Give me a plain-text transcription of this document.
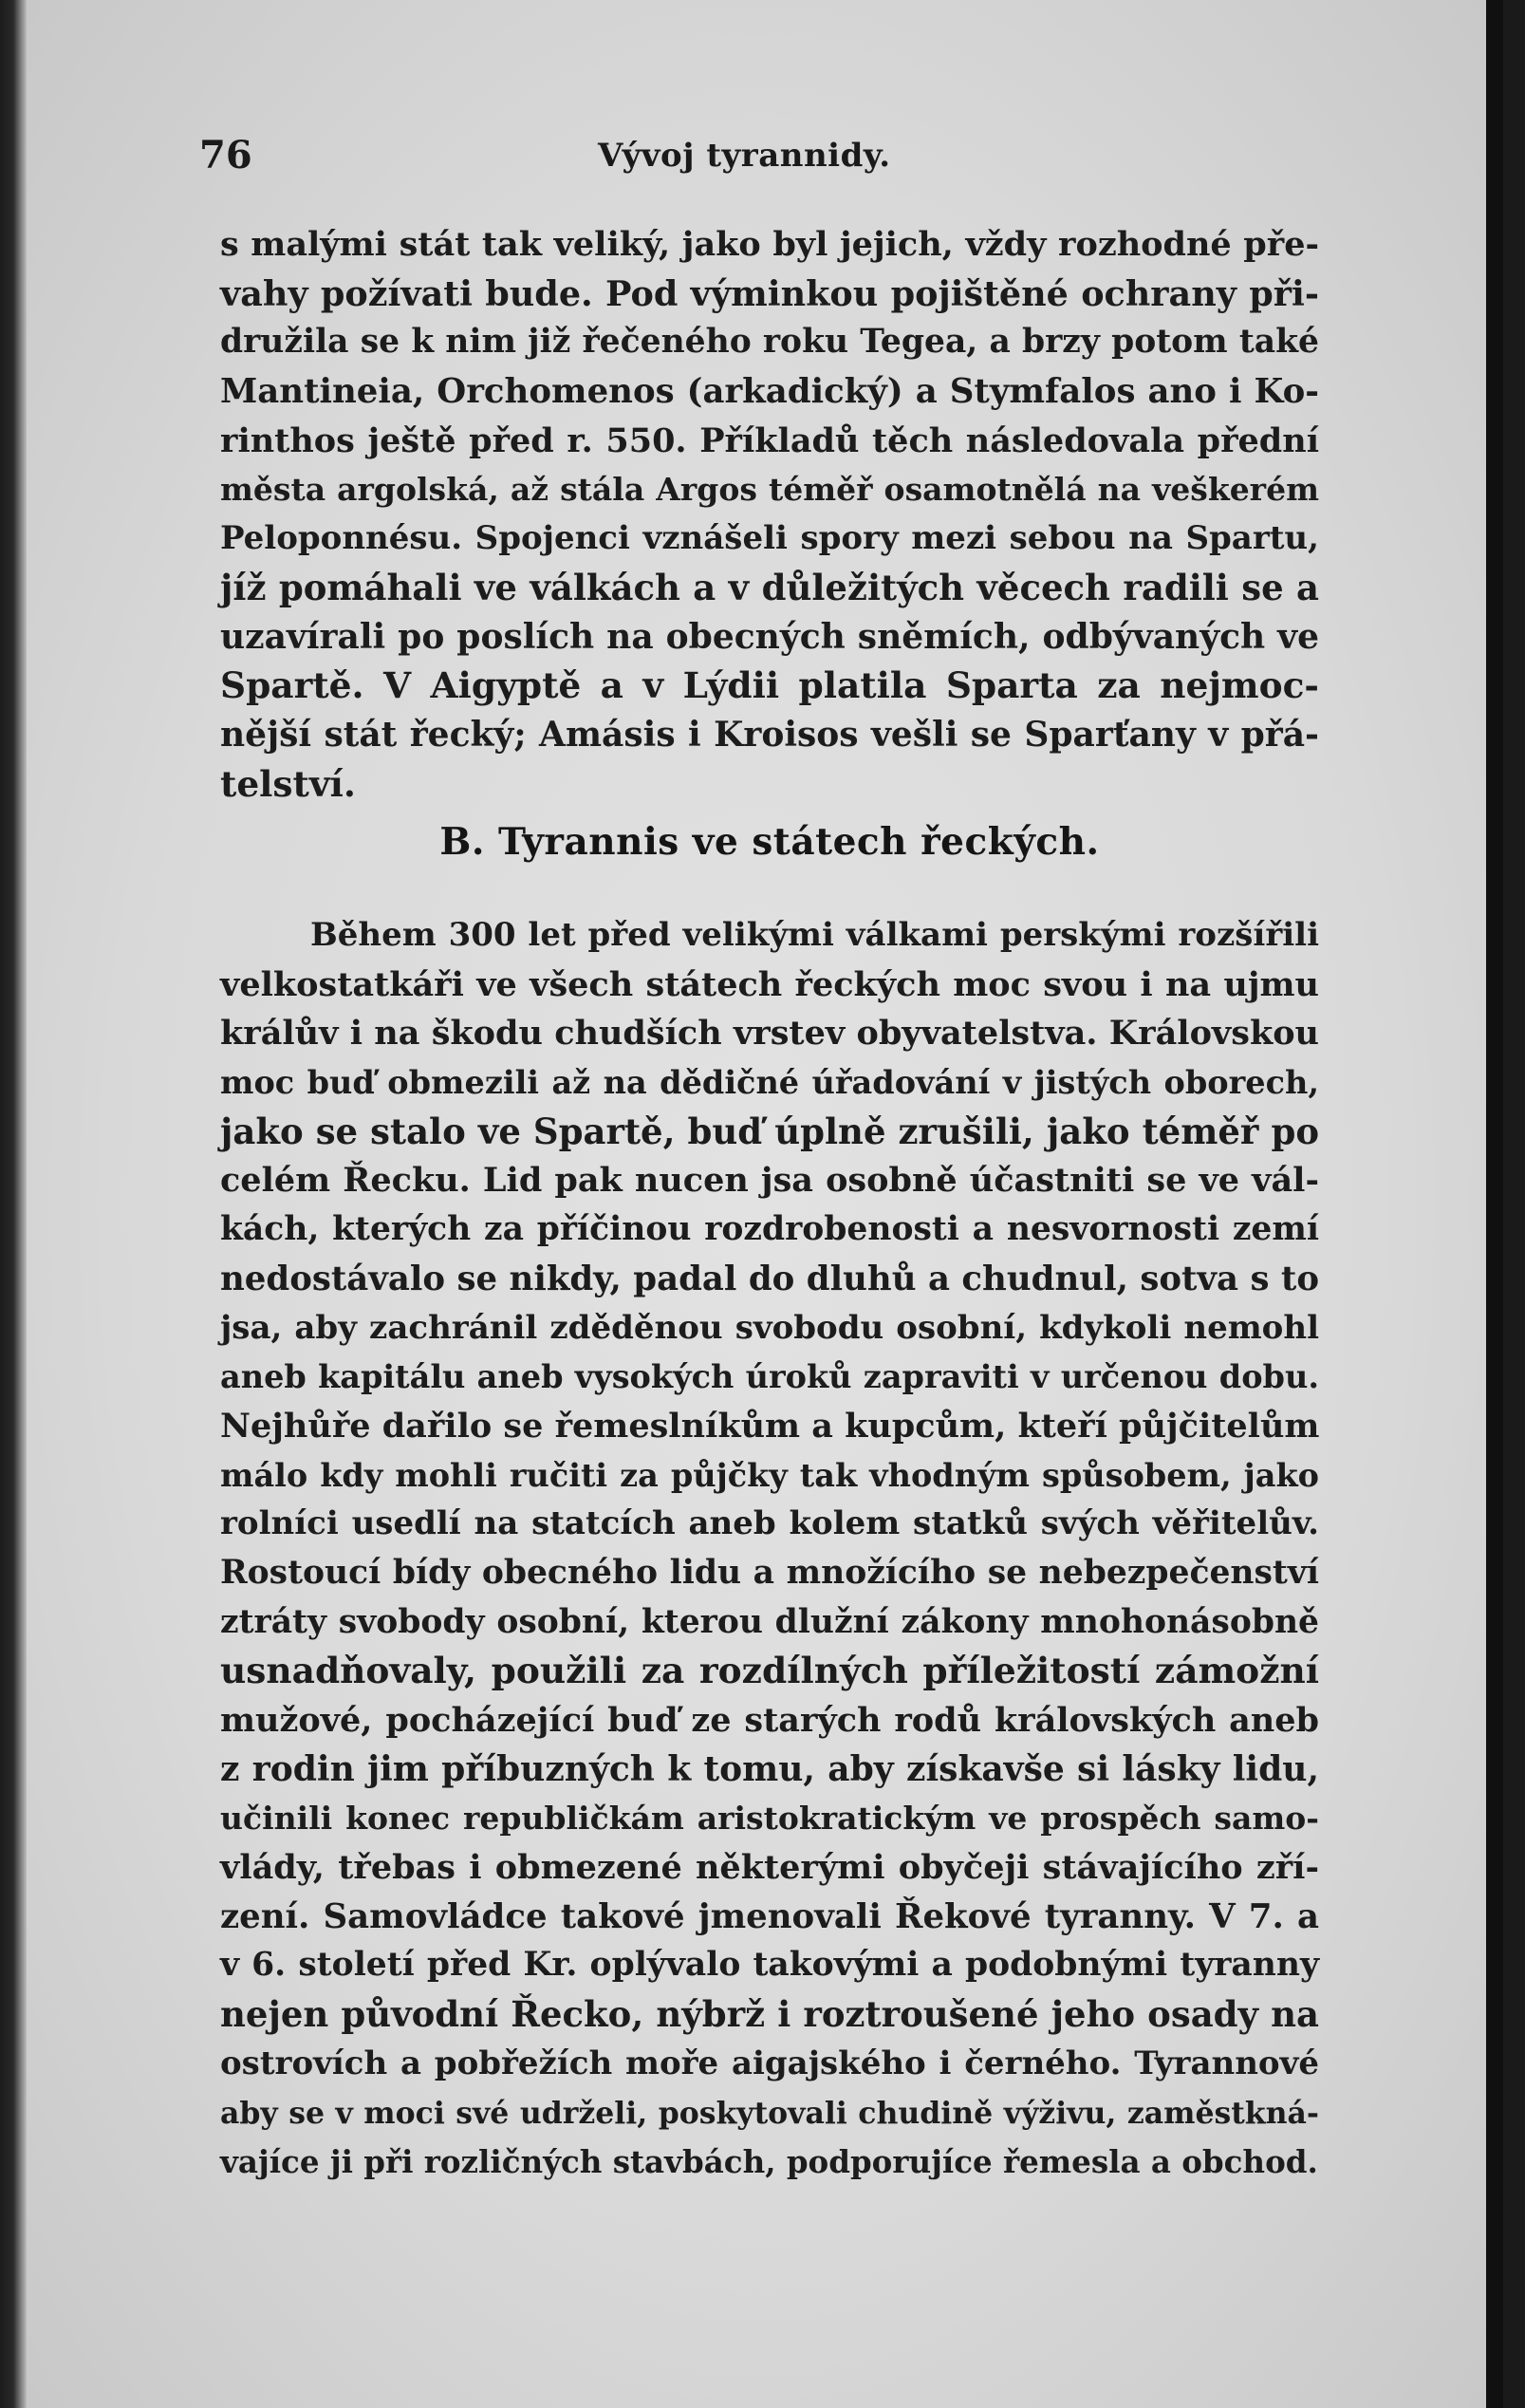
76	Vývoj tyrannidy.
s malými stát tak veliký, jako byl jejich, vždy rozhodné pře-
vahy požívati bude. Pod výminkou pojištěné ochrany při-
družila se k nim již řečeného roku Tegea, a brzy potom také
Mantineia, Orchomenos (arkadický) a Stymfalos ano i Ko-
rinthos ještě před r. 550. Příkladů těch následovala přední
města argolská, až stála Argos téměř osamotnělá na veškerém
Peloponnésu. Spojenci vznášeli spory mezi sebou na Spartu,
jíž pomáhali ve válkách a v důležitých věcech radili se a
uzavírali po poslích na obecných sněmích, odbývaných ve
Spartě. V Aigyptě a v Lýdii platila Sparta za nejmoc-
nější stát řecký; Amásis i Kroisos vešli se Sparťany v přá-
telství.
B. Tyrannis ve státech řeckých.
Během 300 let před velikými válkami perskými rozšířili
velkostatkáři ve všech státech řeckých moc svou i na ujmu
králův i na škodu chudších vrstev obyvatelstva. Královskou
moc buď obmezili až na dědičné úřadování v jistých oborech,
jako se stalo ve Spartě, buď úplně zrušili, jako téměř po
celém Řecku. Lid pak nucen jsa osobně účastniti se ve vál-
kách, kterých za příčinou rozdrobenosti a nesvornosti zemí
nedostávalo se nikdy, padal do dluhů a chudnul, sotva s to
jsa, aby zachránil zděděnou svobodu osobní, kdykoli nemohl
aneb kapitálu aneb vysokých úroků zapraviti v určenou dobu.
Nejhůře dařilo se řemeslníkům a kupcům, kteří půjčitelům
málo kdy mohli ručiti za půjčky tak vhodným spůsobem, jako
rolníci usedlí na statcích aneb kolem statků svých věřitelův.
Rostoucí bídy obecného lidu a množícího se nebezpečenství
ztráty svobody osobní, kterou dlužní zákony mnohonásobně
usnadňovaly, použili za rozdílných příležitostí zámožní
mužové, pocházející buď ze starých rodů královských aneb
z rodin jim příbuzných k tomu, aby získavše si lásky lidu,
učinili konec republičkám aristokratickým ve prospěch samo-
vlády, třebas i obmezené některými obyčeji stávajícího zří-
zení. Samovládce takové jmenovali Řekové tyranny. V 7. a
v 6. století před Kr. oplývalo takovými a podobnými tyranny
nejen původní Řecko, nýbrž i roztroušené jeho osady na
ostrovích a pobřežích moře aigajského i černého. Tyrannové
aby se v moci své udrželi, poskytovali chudině výživu, zaměstkná-
vajíce ji při rozličných stavbách, podporujíce řemesla a obchod.
